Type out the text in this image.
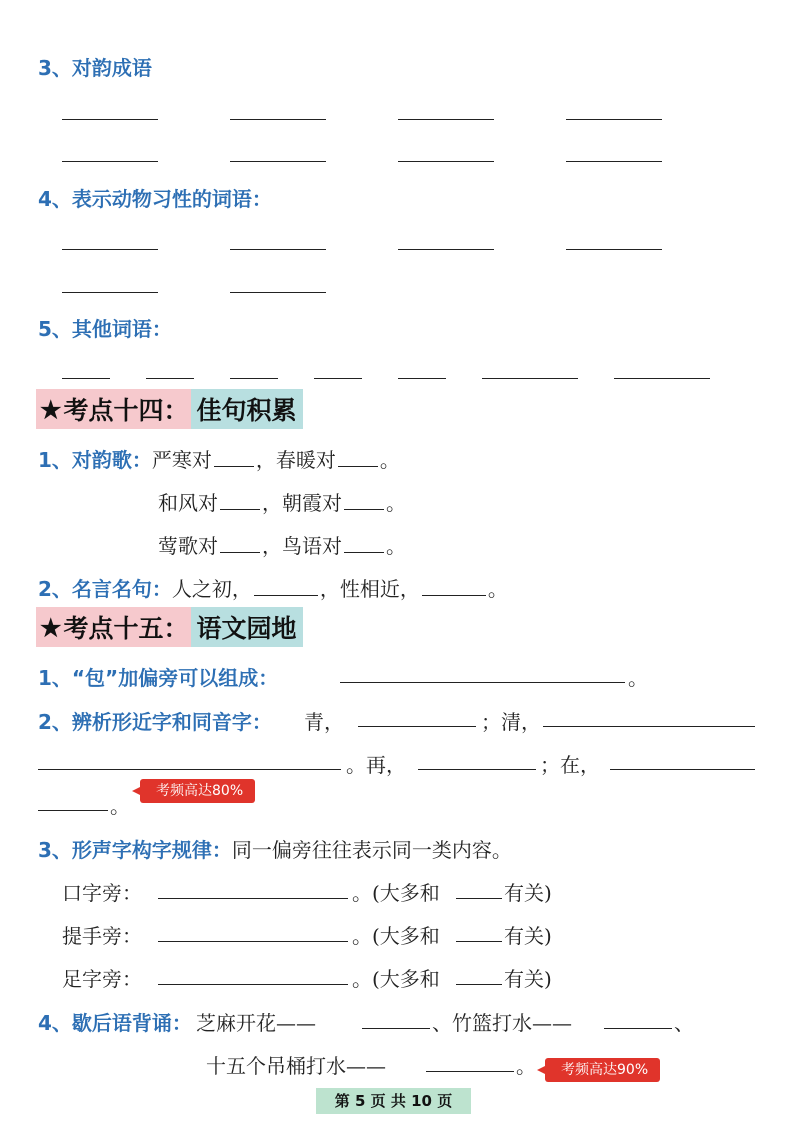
3、对韵成语
4、表示动物习性的词语：
5、其他词语：
★ 考点十四： 佳句积累
1、对韵歌：严寒对 ，春暖对 。
和风对 ，朝霞对 。
莺歌对 ，鸟语对 。
2、名言名句：人之初，	，性相近，	。
★ 考点十五： 语文园地
1、“包”加偏旁可以组成：	。
2、辨析形近字和同音字： 青，	；清，
。再，	；在，
。
考频高达80%
3、形声字构字规律：同一偏旁往往表示同一类内容。
口字旁：	。(大多和	有关)
提手旁：	。(大多和	有关)
足字旁：	。(大多和	有关)
4、歇后语背诵： 芝麻开花——	、竹篮打水——	、
十五个吊桶打水——	。	考频高达90%
第 5 页 共 10 页
